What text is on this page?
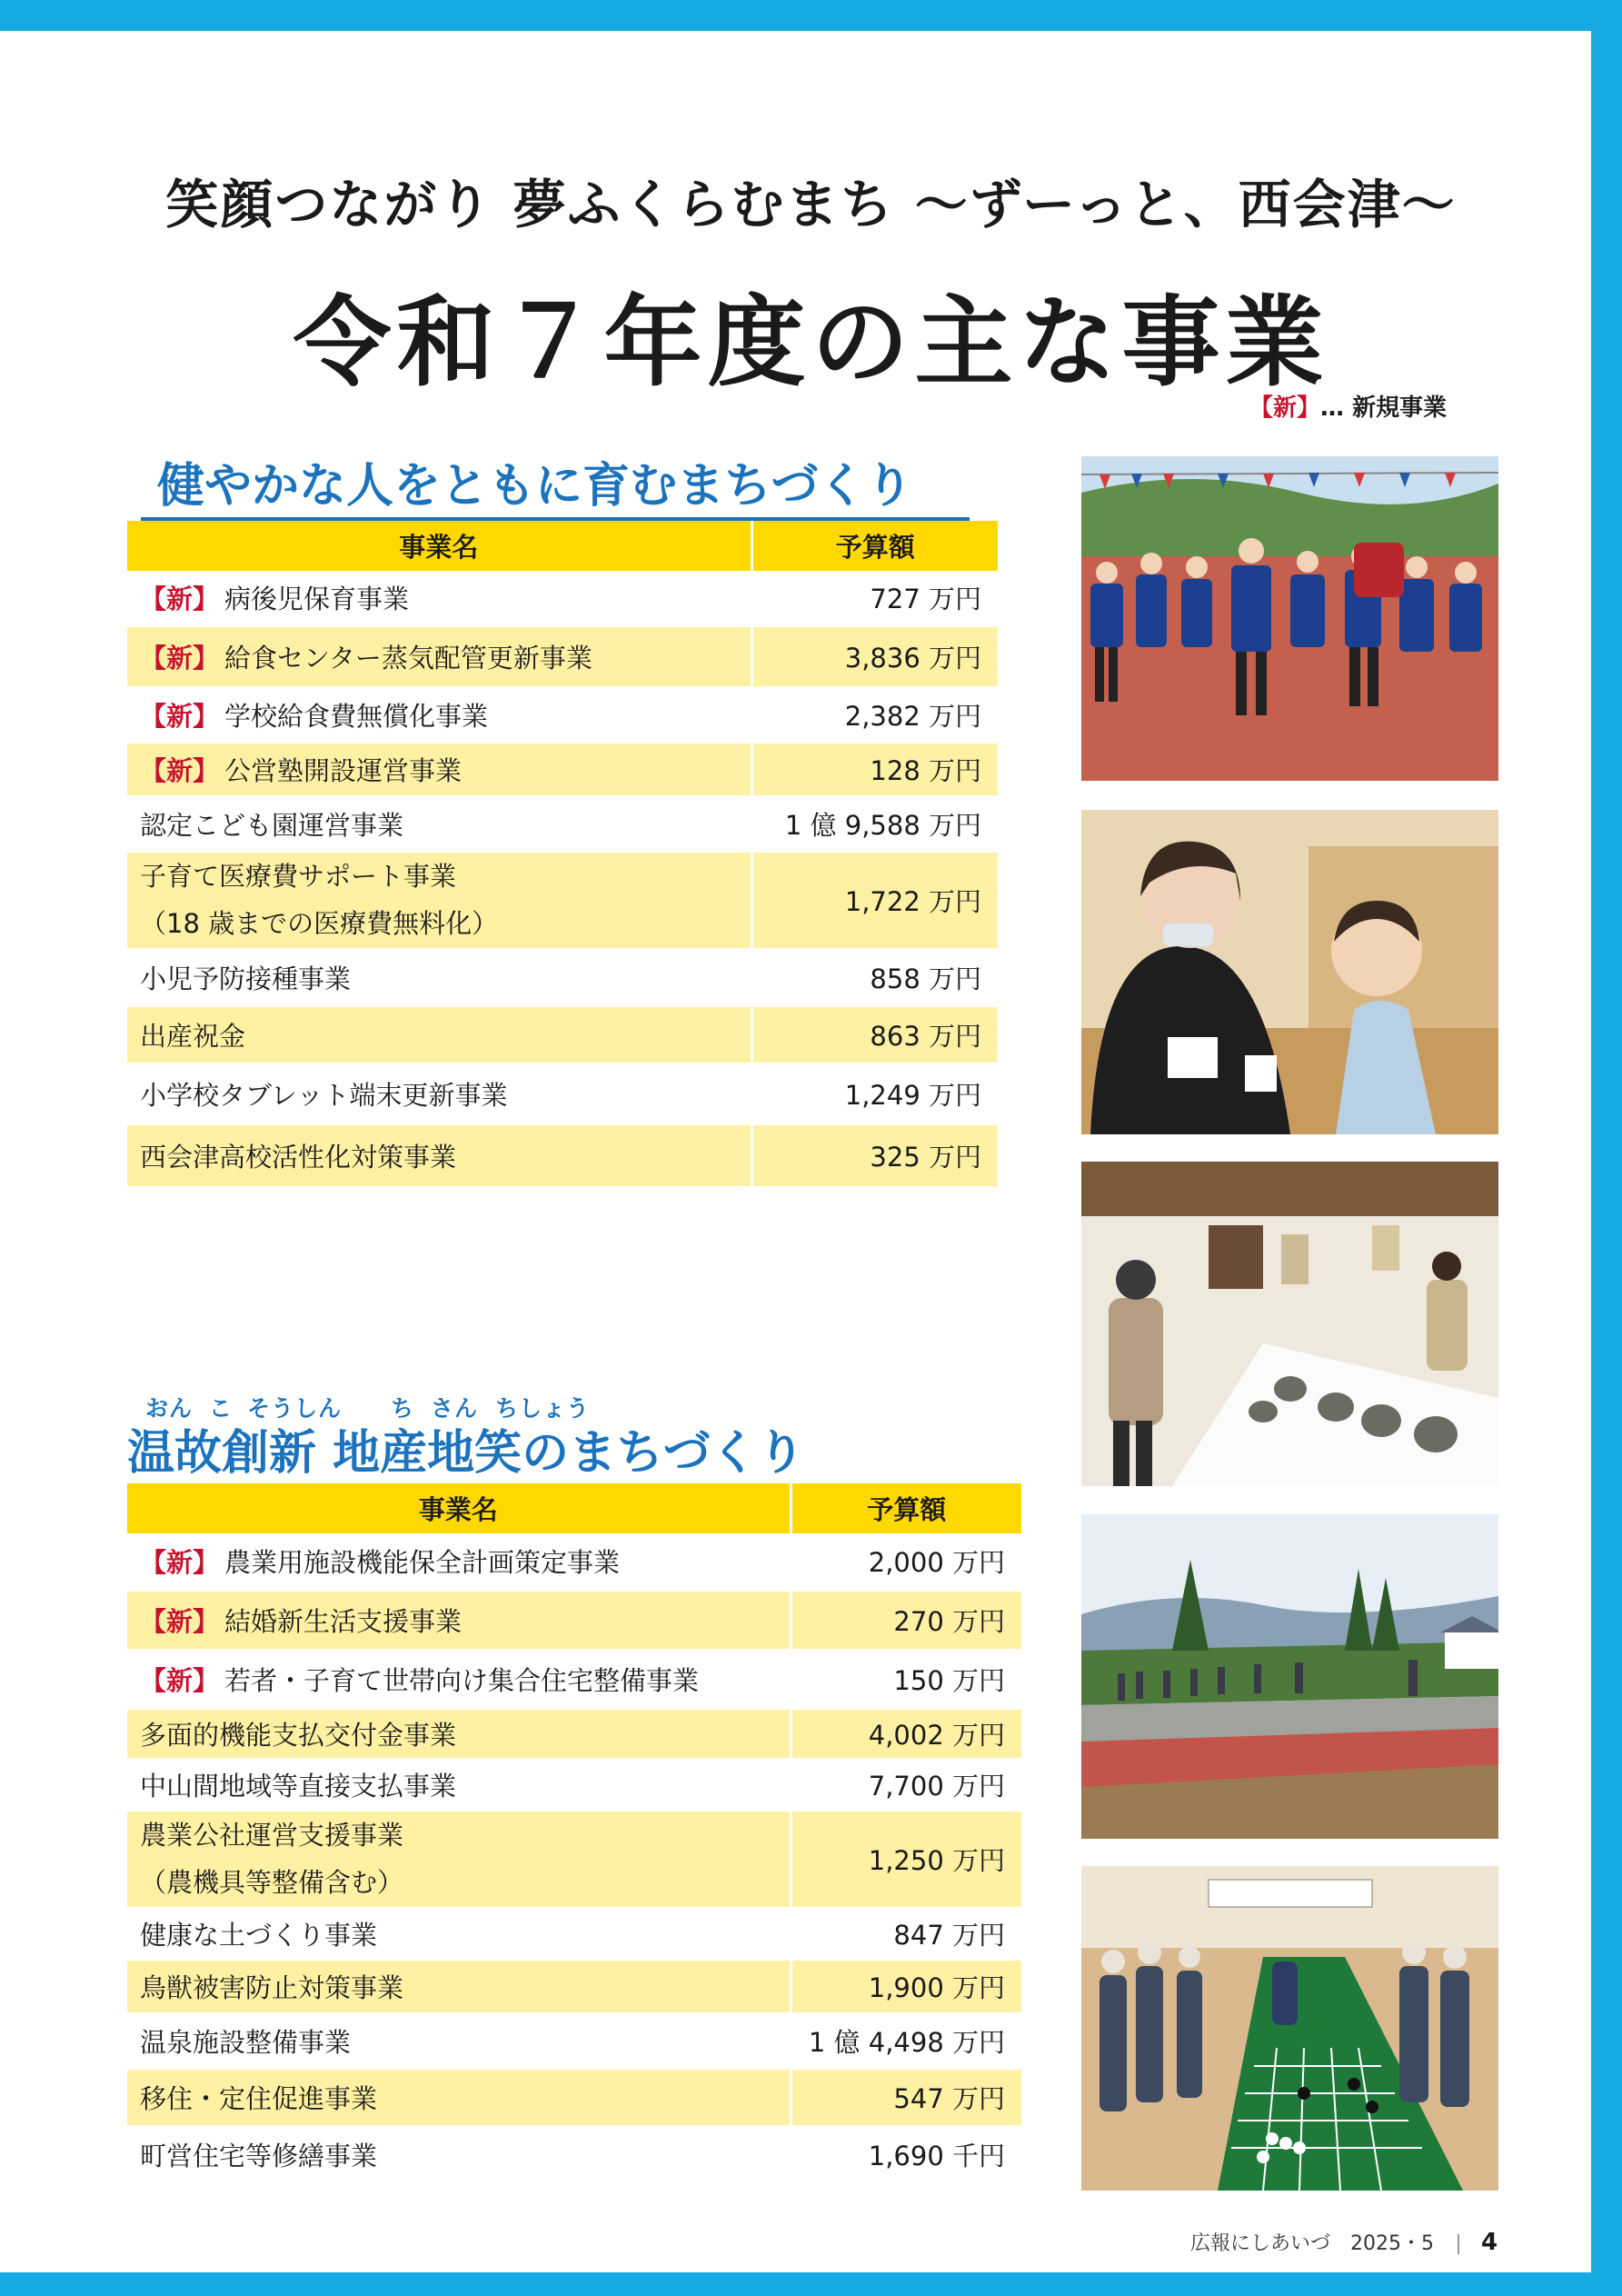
笑顔つながり 夢ふくらむまち 〜ずーっと、西会津〜
令和７年度の主な事業
【新】… 新規事業
健やかな人をともに育むまちづくり
事業名	予算額
【新】 病後児保育事業	727 万円
【新】 給食センター蒸気配管更新事業	3,836 万円
【新】 学校給食費無償化事業	2,382 万円
【新】 公営塾開設運営事業	128 万円
認定こども園運営事業	1 億 9,588 万円

子育て医療費サポート事業
（18 歳までの医療費無料化）	1,722 万円
小児予防接種事業	858 万円
出産祝金	863 万円
小学校タブレット端末更新事業	1,249 万円
西会津高校活性化対策事業	325 万円
おん こ そうしん ち さん ちしょう
温故創新 地産地笑のまちづくり
事業名	予算額
【新】 農業用施設機能保全計画策定事業	2,000 万円
【新】 結婚新生活支援事業	270 万円
【新】 若者・子育て世帯向け集合住宅整備事業	150 万円
多面的機能支払交付金事業	4,002 万円
中山間地域等直接支払事業	7,700 万円

農業公社運営支援事業
（農機具等整備含む）	1,250 万円
健康な土づくり事業	847 万円
鳥獣被害防止対策事業	1,900 万円
温泉施設整備事業	1 億 4,498 万円
移住・定住促進事業	547 万円
町営住宅等修繕事業	1,690 千円
広報にしあいづ　2025・5 4
